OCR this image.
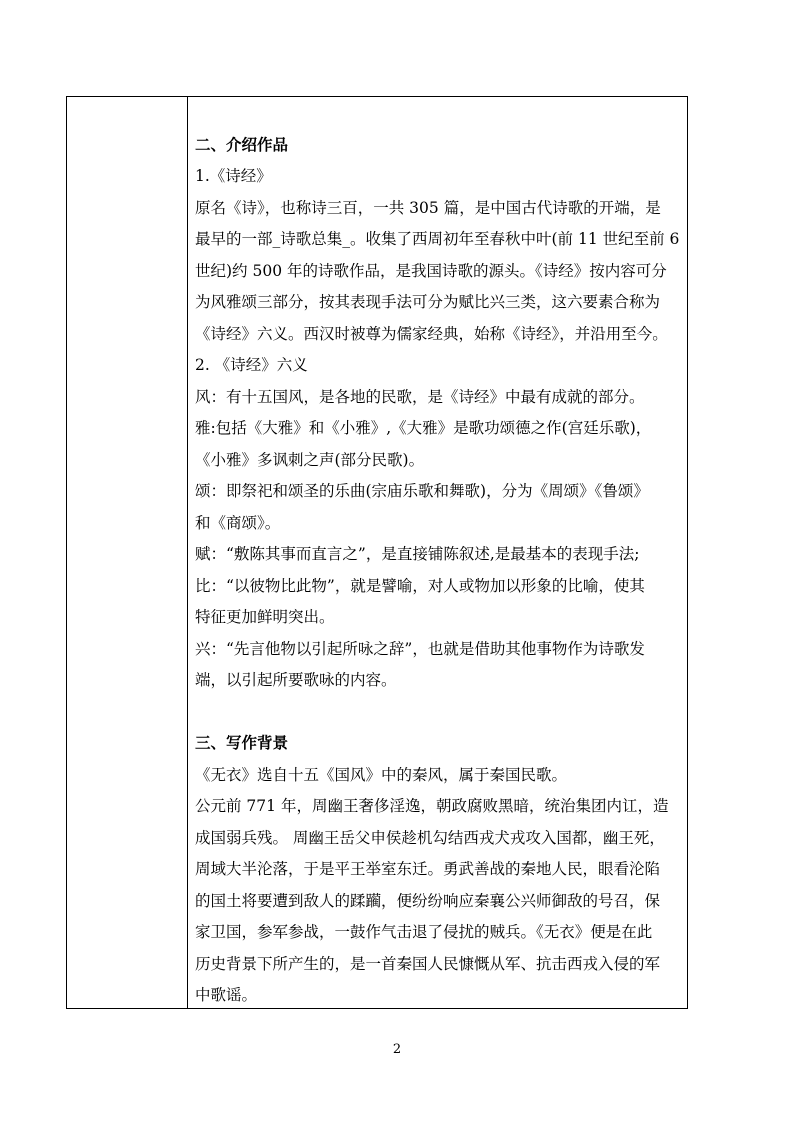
二、介绍作品
1.《诗经》
原名《诗》，也称诗三百，一共 305 篇，是中国古代诗歌的开端，是
最早的一部_诗歌总集_。收集了西周初年至春秋中叶(前 11 世纪至前 6
世纪)约 500 年的诗歌作品，是我国诗歌的源头。《诗经》按内容可分
为风雅颂三部分，按其表现手法可分为赋比兴三类，这六要素合称为
《诗经》六义。西汉时被尊为儒家经典，始称《诗经》，并沿用至今。
2. 《诗经》六义
风：有十五国风，是各地的民歌，是《诗经》中最有成就的部分。
雅:包括《大雅》和《小雅》,《大雅》是歌功颂德之作(宫廷乐歌)，
《小雅》多讽刺之声(部分民歌)。
颂：即祭祀和颂圣的乐曲(宗庙乐歌和舞歌)，分为《周颂》《鲁颂》
和《商颂》。
赋：“敷陈其事而直言之”，是直接铺陈叙述,是最基本的表现手法;
比：“以彼物比此物”，就是譬喻，对人或物加以形象的比喻，使其
特征更加鲜明突出。
兴：“先言他物以引起所咏之辞”，也就是借助其他事物作为诗歌发
端，以引起所要歌咏的内容。
三、写作背景
《无衣》选自十五《国风》中的秦风，属于秦国民歌。
公元前 771 年，周幽王奢侈淫逸，朝政腐败黑暗，统治集团内讧，造
成国弱兵残。 周幽王岳父申侯趁机勾结西戎犬戎攻入国都，幽王死，
周域大半沦落，于是平王举室东迁。勇武善战的秦地人民，眼看沦陷
的国土将要遭到敌人的蹂躏，便纷纷响应秦襄公兴师御敌的号召，保
家卫国，参军参战，一鼓作气击退了侵扰的贼兵。《无衣》便是在此
历史背景下所产生的，是一首秦国人民慷慨从军、抗击西戎入侵的军
中歌谣。
2
